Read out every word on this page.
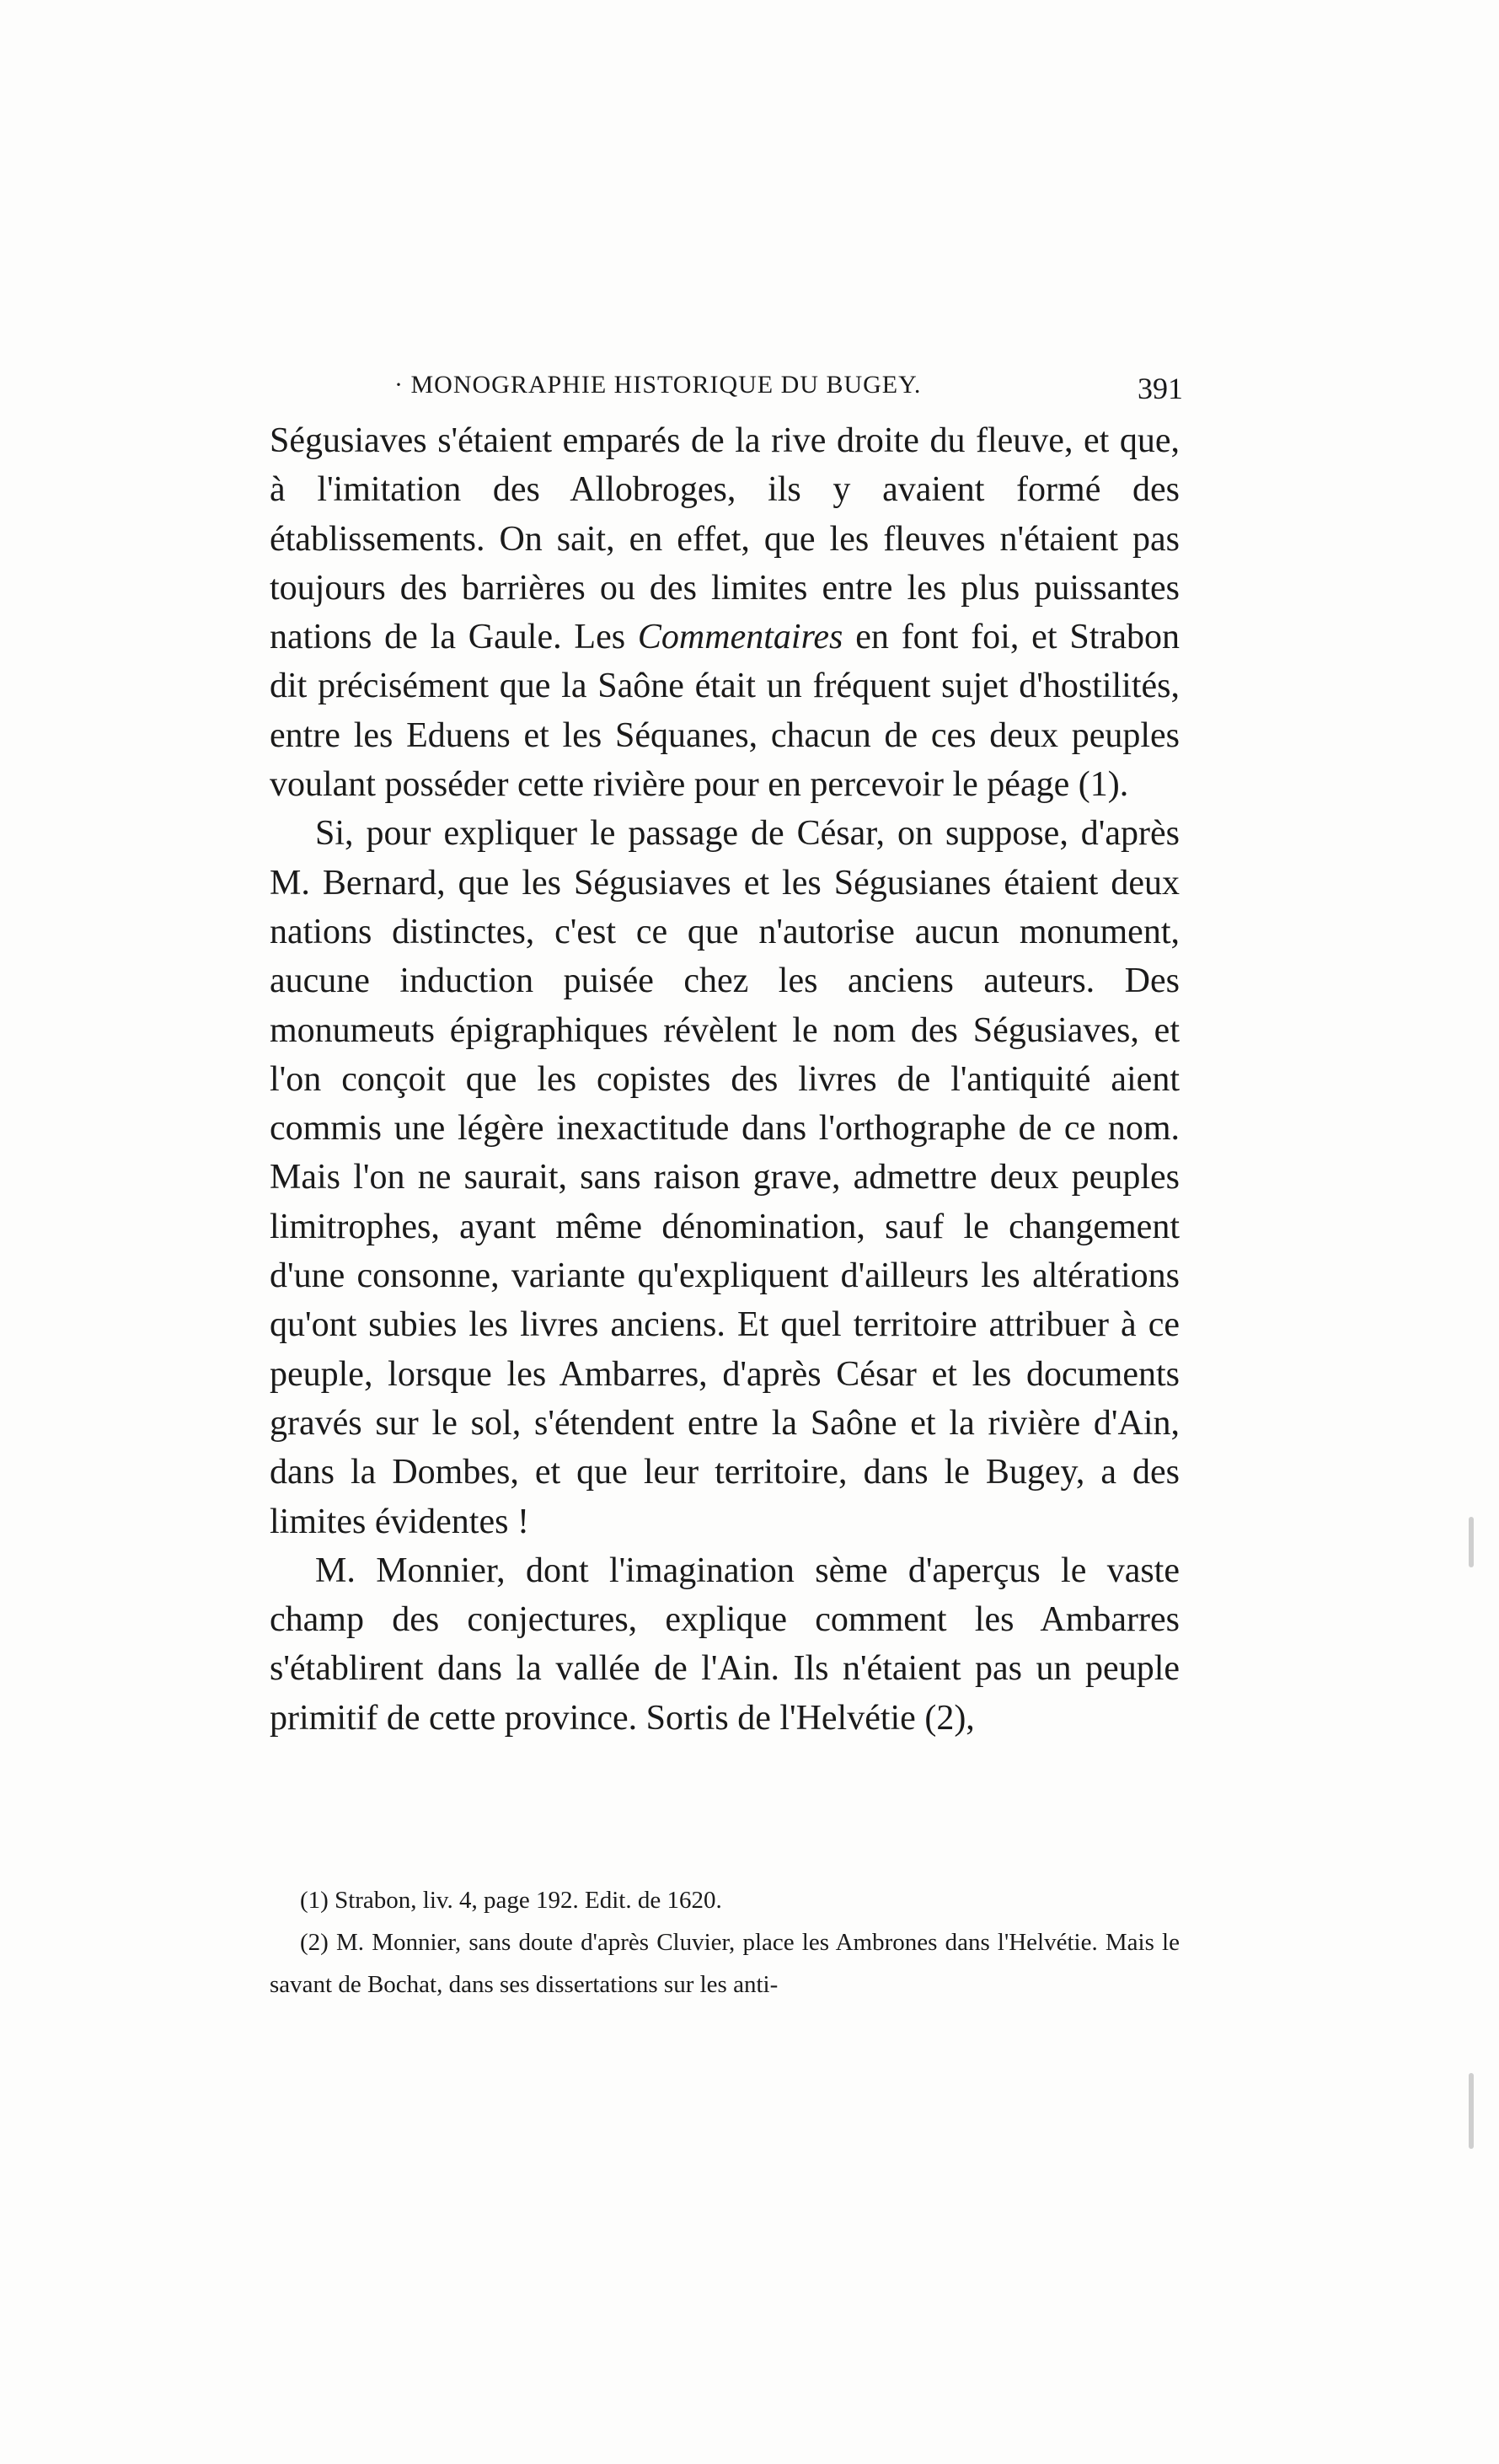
· MONOGRAPHIE HISTORIQUE DU BUGEY.	391

Ségusiaves s'étaient emparés de la rive droite du fleuve, et que, à l'imitation des Allobroges, ils y avaient formé des établissements. On sait, en effet, que les fleuves n'étaient pas toujours des barrières ou des limites entre les plus puissantes nations de la Gaule. Les Commentaires en font foi, et Strabon dit précisément que la Saône était un fréquent sujet d'hostilités, entre les Eduens et les Séquanes, chacun de ces deux peuples voulant posséder cette rivière pour en percevoir le péage (1).

Si, pour expliquer le passage de César, on suppose, d'après M. Bernard, que les Ségusiaves et les Ségusianes étaient deux nations distinctes, c'est ce que n'autorise aucun monument, aucune induction puisée chez les anciens auteurs. Des monumeuts épigraphiques révèlent le nom des Ségusiaves, et l'on conçoit que les copistes des livres de l'antiquité aient commis une légère inexactitude dans l'orthographe de ce nom. Mais l'on ne saurait, sans raison grave, admettre deux peuples limitrophes, ayant même dénomination, sauf le changement d'une consonne, variante qu'expliquent d'ailleurs les altérations qu'ont subies les livres anciens. Et quel territoire attribuer à ce peuple, lorsque les Ambarres, d'après César et les documents gravés sur le sol, s'étendent entre la Saône et la rivière d'Ain, dans la Dombes, et que leur territoire, dans le Bugey, a des limites évidentes !

M. Monnier, dont l'imagination sème d'aperçus le vaste champ des conjectures, explique comment les Ambarres s'établirent dans la vallée de l'Ain. Ils n'étaient pas un peuple primitif de cette province. Sortis de l'Helvétie (2),

(1) Strabon, liv. 4, page 192. Edit. de 1620.

(2) M. Monnier, sans doute d'après Cluvier, place les Ambrones dans l'Helvétie. Mais le savant de Bochat, dans ses dissertations sur les anti-
